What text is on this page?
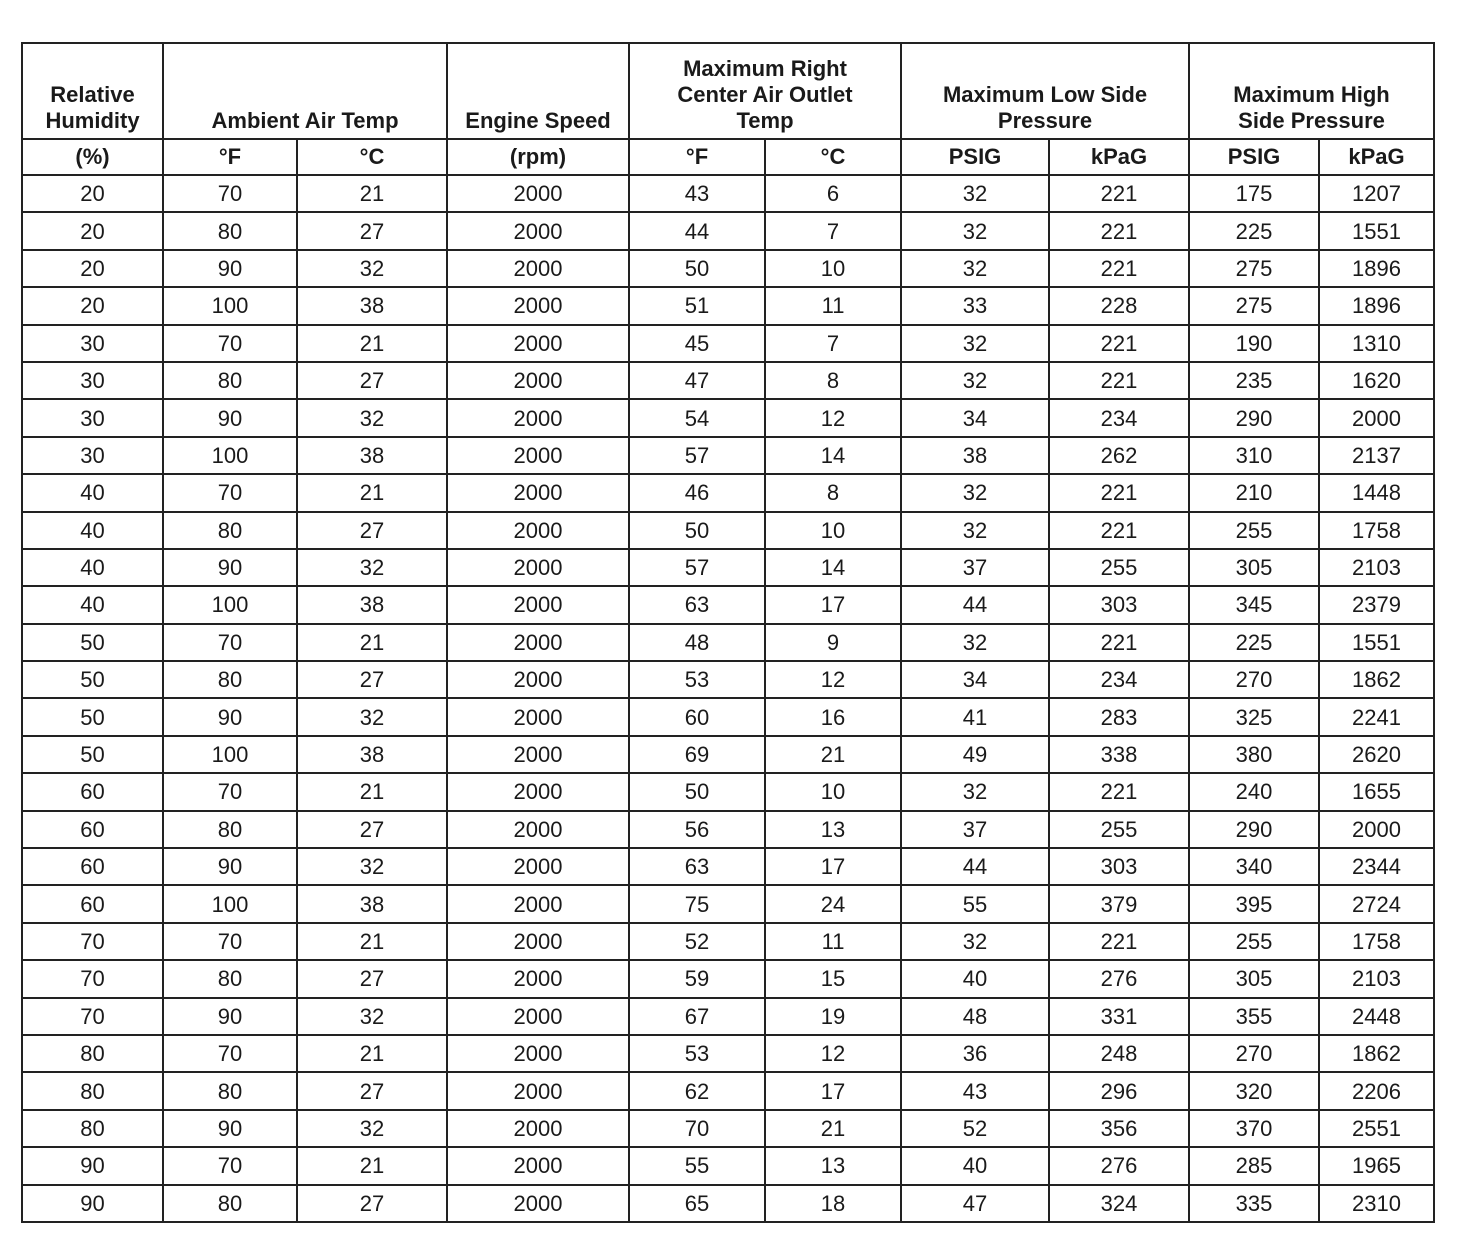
Relative
Humidity	Ambient Air Temp		Engine Speed	Maximum Right
Center Air Outlet
Temp		Maximum Low Side
Pressure		Maximum High
Side Pressure	

(%)	°F	°C	(rpm)	°F	°C	PSIG	kPaG	PSIG	kPaG
20	70	21	2000	43	6	32	221	175	1207
20	80	27	2000	44	7	32	221	225	1551
20	90	32	2000	50	10	32	221	275	1896
20	100	38	2000	51	11	33	228	275	1896
30	70	21	2000	45	7	32	221	190	1310
30	80	27	2000	47	8	32	221	235	1620
30	90	32	2000	54	12	34	234	290	2000
30	100	38	2000	57	14	38	262	310	2137
40	70	21	2000	46	8	32	221	210	1448
40	80	27	2000	50	10	32	221	255	1758
40	90	32	2000	57	14	37	255	305	2103
40	100	38	2000	63	17	44	303	345	2379
50	70	21	2000	48	9	32	221	225	1551
50	80	27	2000	53	12	34	234	270	1862
50	90	32	2000	60	16	41	283	325	2241
50	100	38	2000	69	21	49	338	380	2620
60	70	21	2000	50	10	32	221	240	1655
60	80	27	2000	56	13	37	255	290	2000
60	90	32	2000	63	17	44	303	340	2344
60	100	38	2000	75	24	55	379	395	2724
70	70	21	2000	52	11	32	221	255	1758
70	80	27	2000	59	15	40	276	305	2103
70	90	32	2000	67	19	48	331	355	2448
80	70	21	2000	53	12	36	248	270	1862
80	80	27	2000	62	17	43	296	320	2206
80	90	32	2000	70	21	52	356	370	2551
90	70	21	2000	55	13	40	276	285	1965
90	80	27	2000	65	18	47	324	335	2310
